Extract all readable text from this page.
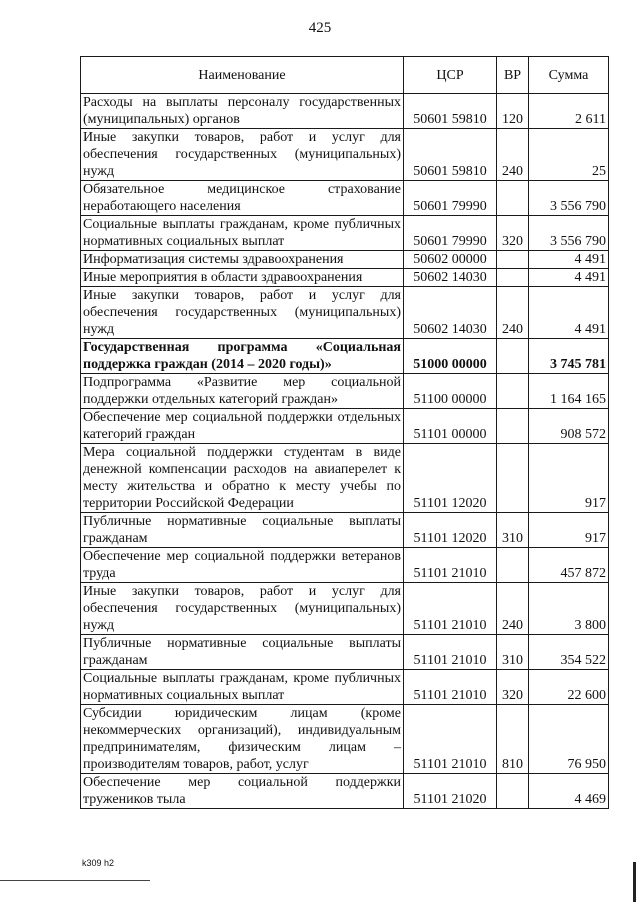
425
Наименование	ЦСР	ВР	Сумма
Расходы на выплаты персоналу государственных (муниципальных) органов	50601 59810	120	2 611
Иные закупки товаров, работ и услуг для обеспечения государственных (муниципальных) нужд	50601 59810	240	25
Обязательное медицинское страхование неработающего населения	50601 79990		3 556 790
Социальные выплаты гражданам, кроме публичных нормативных социальных выплат	50601 79990	320	3 556 790
Информатизация системы здравоохранения	50602 00000		4 491
Иные мероприятия в области здравоохранения	50602 14030		4 491
Иные закупки товаров, работ и услуг для обеспечения государственных (муниципальных) нужд	50602 14030	240	4 491
Государственная программа «Социальная поддержка граждан (2014 – 2020 годы)»	51000 00000		3 745 781
Подпрограмма «Развитие мер социальной поддержки отдельных категорий граждан»	51100 00000		1 164 165
Обеспечение мер социальной поддержки отдельных категорий граждан	51101 00000		908 572
Мера социальной поддержки студентам в виде денежной компенсации расходов на авиаперелет к месту жительства и обратно к месту учебы по территории Российской Федерации	51101 12020		917
Публичные нормативные социальные выплаты гражданам	51101 12020	310	917
Обеспечение мер социальной поддержки ветеранов труда	51101 21010		457 872
Иные закупки товаров, работ и услуг для обеспечения государственных (муниципальных) нужд	51101 21010	240	3 800
Публичные нормативные социальные выплаты гражданам	51101 21010	310	354 522
Социальные выплаты гражданам, кроме публичных нормативных социальных выплат	51101 21010	320	22 600
Субсидии юридическим лицам (кроме некоммерческих организаций), индивидуальным предпринимателям, физическим лицам – производителям товаров, работ, услуг	51101 21010	810	76 950
Обеспечение мер социальной поддержки тружеников тыла	51101 21020		4 469
k309 h2
